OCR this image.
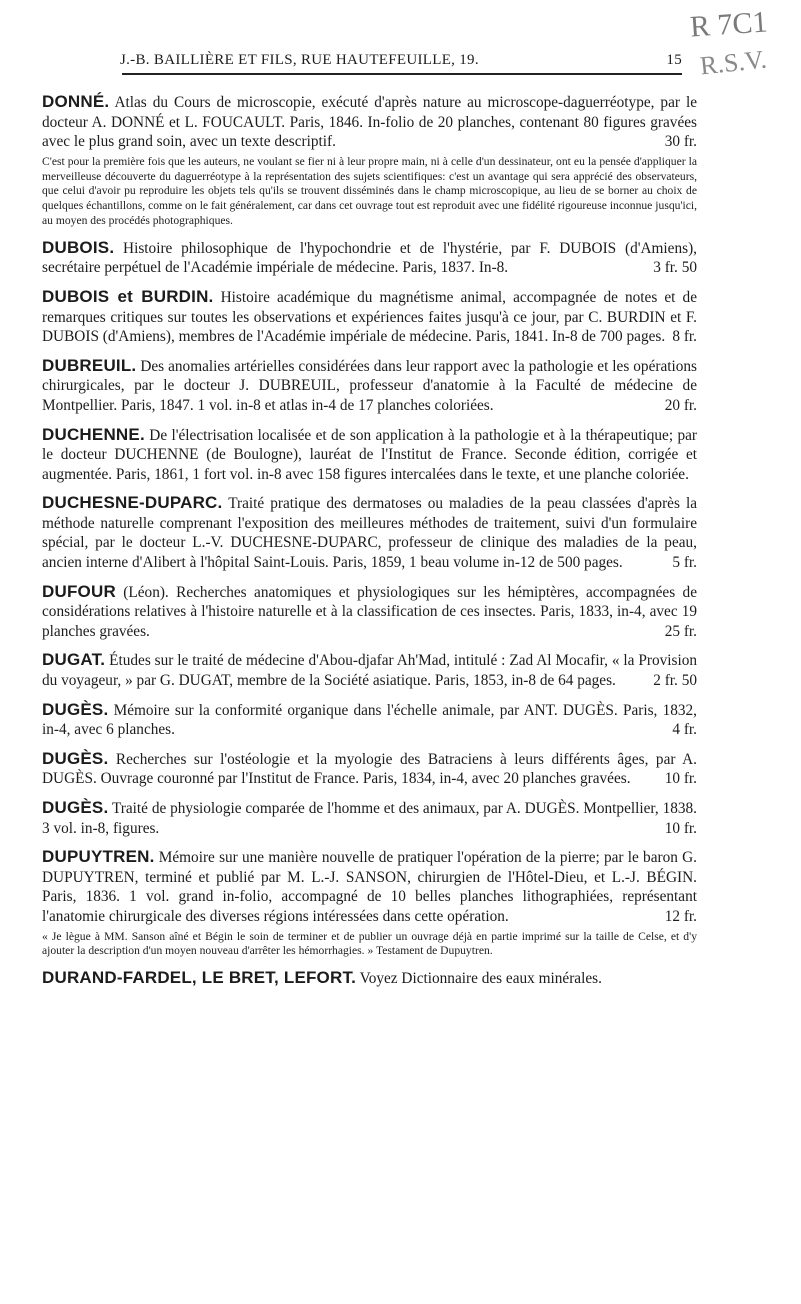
R 7C1
R.S.V.
J.-B. BAILLIÈRE ET FILS, RUE HAUTEFEUILLE, 19.	15

DONNÉ. Atlas du Cours de microscopie, exécuté d'après nature au microscope-daguerréotype, par le docteur A. DONNÉ et L. FOUCAULT. Paris, 1846. In-folio de 20 planches, contenant 80 figures gravées avec le plus grand soin, avec un texte descriptif.	30 fr.

C'est pour la première fois que les auteurs, ne voulant se fier ni à leur propre main, ni à celle d'un dessinateur, ont eu la pensée d'appliquer la merveilleuse découverte du daguerréotype à la représentation des sujets scientifiques: c'est un avantage qui sera apprécié des observateurs, que celui d'avoir pu reproduire les objets tels qu'ils se trouvent disséminés dans le champ microscopique, au lieu de se borner au choix de quelques échantillons, comme on le fait généralement, car dans cet ouvrage tout est reproduit avec une fidélité rigoureuse inconnue jusqu'ici, au moyen des procédés photographiques.

DUBOIS. Histoire philosophique de l'hypochondrie et de l'hystérie, par F. DUBOIS (d'Amiens), secrétaire perpétuel de l'Académie impériale de médecine. Paris, 1837. In-8.	3 fr. 50

DUBOIS et BURDIN. Histoire académique du magnétisme animal, accompagnée de notes et de remarques critiques sur toutes les observations et expériences faites jusqu'à ce jour, par C. BURDIN et F. DUBOIS (d'Amiens), membres de l'Académie impériale de médecine. Paris, 1841. In-8 de 700 pages. 8 fr.

DUBREUIL. Des anomalies artérielles considérées dans leur rapport avec la pathologie et les opérations chirurgicales, par le docteur J. DUBREUIL, professeur d'anatomie à la Faculté de médecine de Montpellier. Paris, 1847. 1 vol. in-8 et atlas in-4 de 17 planches coloriées.	20 fr.

DUCHENNE. De l'électrisation localisée et de son application à la pathologie et à la thérapeutique; par le docteur DUCHENNE (de Boulogne), lauréat de l'Institut de France. Seconde édition, corrigée et augmentée. Paris, 1861, 1 fort vol. in-8 avec 158 figures intercalées dans le texte, et une planche coloriée.

DUCHESNE-DUPARC. Traité pratique des dermatoses ou maladies de la peau classées d'après la méthode naturelle comprenant l'exposition des meilleures méthodes de traitement, suivi d'un formulaire spécial, par le docteur L.-V. DUCHESNE-DUPARC, professeur de clinique des maladies de la peau, ancien interne d'Alibert à l'hôpital Saint-Louis. Paris, 1859, 1 beau volume in-12 de 500 pages.	5 fr.

DUFOUR (Léon). Recherches anatomiques et physiologiques sur les hémiptères, accompagnées de considérations relatives à l'histoire naturelle et à la classification de ces insectes. Paris, 1833, in-4, avec 19 planches gravées.	25 fr.

DUGAT. Études sur le traité de médecine d'Abou-djafar Ah'Mad, intitulé : Zad Al Mocafir, « la Provision du voyageur, » par G. DUGAT, membre de la Société asiatique. Paris, 1853, in-8 de 64 pages. 2 fr. 50

DUGÈS. Mémoire sur la conformité organique dans l'échelle animale, par ANT. DUGÈS. Paris, 1832, in-4, avec 6 planches.	4 fr.

DUGÈS. Recherches sur l'ostéologie et la myologie des Batraciens à leurs différents âges, par A. DUGÈS. Ouvrage couronné par l'Institut de France. Paris, 1834, in-4, avec 20 planches gravées. 10 fr.

DUGÈS. Traité de physiologie comparée de l'homme et des animaux, par A. DUGÈS. Montpellier, 1838. 3 vol. in-8, figures.	10 fr.

DUPUYTREN. Mémoire sur une manière nouvelle de pratiquer l'opération de la pierre; par le baron G. DUPUYTREN, terminé et publié par M. L.-J. SANSON, chirurgien de l'Hôtel-Dieu, et L.-J. BÉGIN. Paris, 1836. 1 vol. grand in-folio, accompagné de 10 belles planches lithographiées, représentant l'anatomie chirurgicale des diverses régions intéressées dans cette opération.	12 fr.

« Je lègue à MM. Sanson aîné et Bégin le soin de terminer et de publier un ouvrage déjà en partie imprimé sur la taille de Celse, et d'y ajouter la description d'un moyen nouveau d'arrêter les hémorrhagies. » Testament de Dupuytren.

DURAND-FARDEL, LE BRET, LEFORT. Voyez Dictionnaire des eaux minérales.
